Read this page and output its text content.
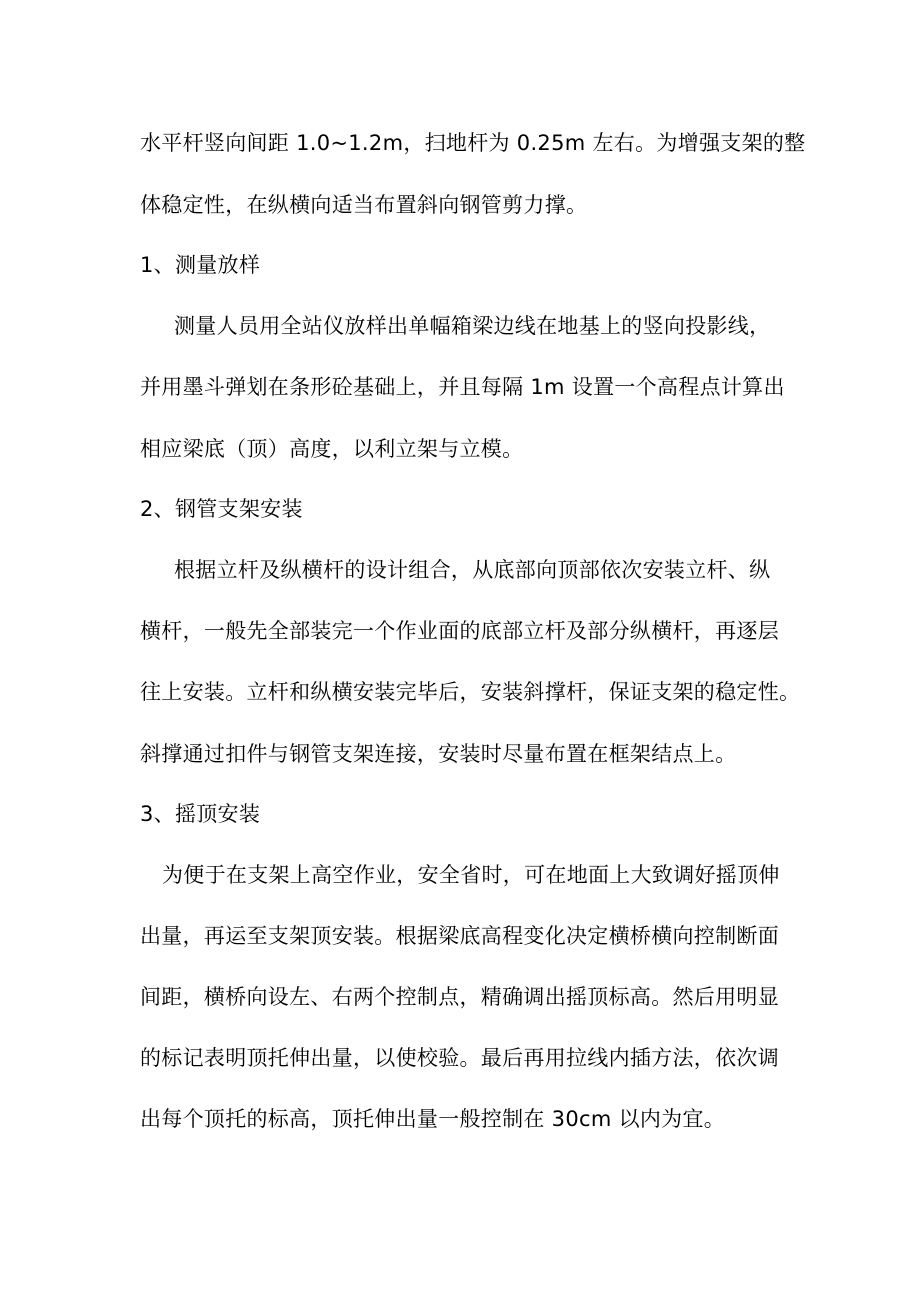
水平杆竖向间距 1.0~1.2m，扫地杆为 0.25m 左右。为增强支架的整
体稳定性，在纵横向适当布置斜向钢管剪力撑。
1、测量放样
测量人员用全站仪放样出单幅箱梁边线在地基上的竖向投影线，
并用墨斗弹划在条形砼基础上，并且每隔 1m 设置一个高程点计算出
相应梁底（顶）高度，以利立架与立模。
2、钢管支架安装
根据立杆及纵横杆的设计组合，从底部向顶部依次安装立杆、纵
横杆，一般先全部装完一个作业面的底部立杆及部分纵横杆，再逐层
往上安装。立杆和纵横安装完毕后，安装斜撑杆，保证支架的稳定性。
斜撑通过扣件与钢管支架连接，安装时尽量布置在框架结点上。
3、摇顶安装
为便于在支架上高空作业，安全省时，可在地面上大致调好摇顶伸
出量，再运至支架顶安装。根据梁底高程变化决定横桥横向控制断面
间距，横桥向设左、右两个控制点，精确调出摇顶标高。然后用明显
的标记表明顶托伸出量，以使校验。最后再用拉线内插方法，依次调
出每个顶托的标高，顶托伸出量一般控制在 30cm 以内为宜。
